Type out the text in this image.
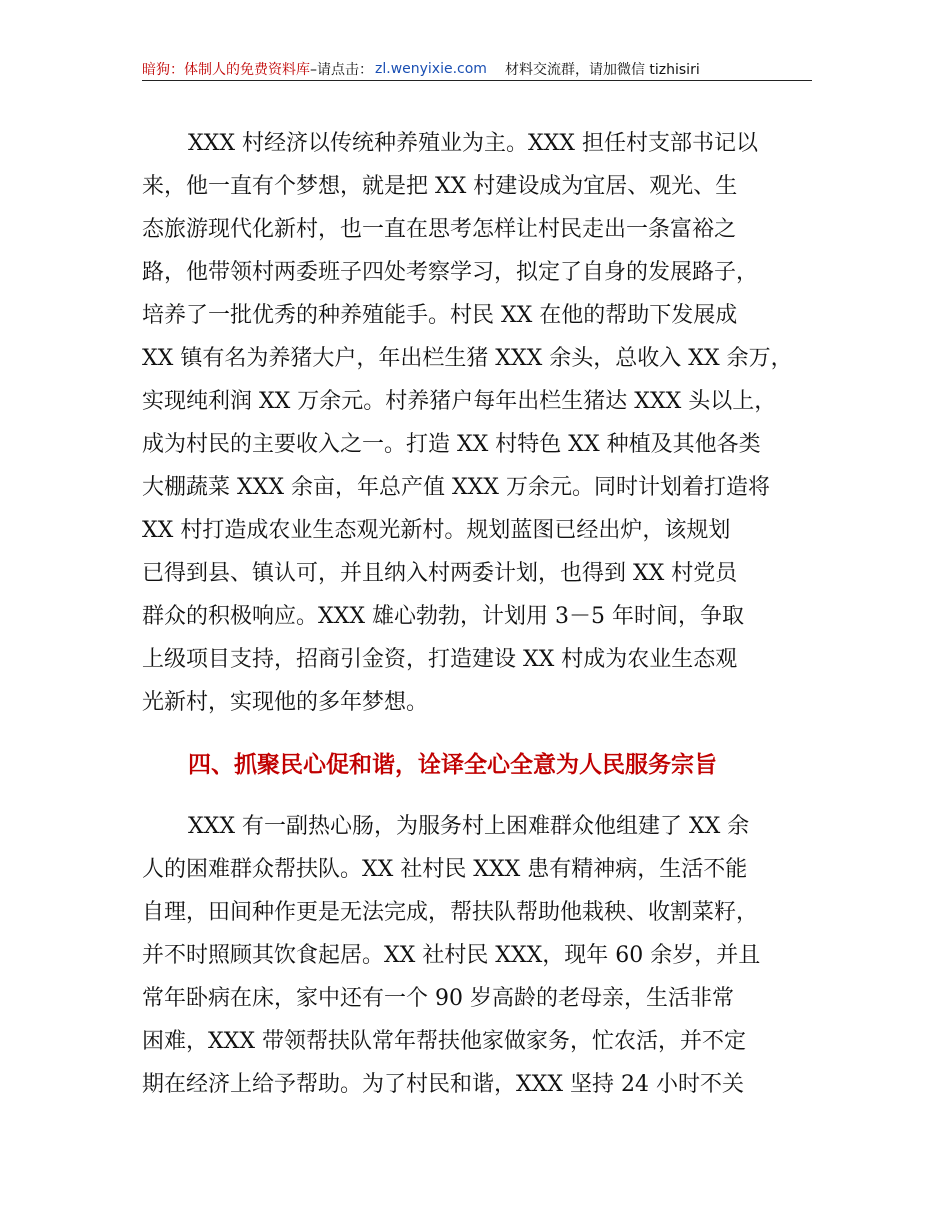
暗狗：体制人的免费资料库 –请点击： zl.wenyixie.com 材料交流群，请加微信 tizhisiri
XXX 村经济以传统种养殖业为主。XXX 担任村支部书记以
来，他一直有个梦想，就是把 XX 村建设成为宜居、观光、生
态旅游现代化新村，也一直在思考怎样让村民走出一条富裕之
路，他带领村两委班子四处考察学习，拟定了自身的发展路子，
培养了一批优秀的种养殖能手。村民 XX 在他的帮助下发展成
XX 镇有名为养猪大户，年出栏生猪 XXX 余头，总收入 XX 余万，
实现纯利润 XX 万余元。村养猪户每年出栏生猪达 XXX 头以上，
成为村民的主要收入之一。打造 XX 村特色 XX 种植及其他各类
大棚蔬菜 XXX 余亩，年总产值 XXX 万余元。同时计划着打造将
XX 村打造成农业生态观光新村。规划蓝图已经出炉，该规划
已得到县、镇认可，并且纳入村两委计划，也得到 XX 村党员
群众的积极响应。XXX 雄心勃勃，计划用 3－5 年时间，争取
上级项目支持，招商引金资，打造建设 XX 村成为农业生态观
光新村，实现他的多年梦想。
四、抓聚民心促和谐，诠译全心全意为人民服务宗旨
XXX 有一副热心肠，为服务村上困难群众他组建了 XX 余
人的困难群众帮扶队。XX 社村民 XXX 患有精神病，生活不能
自理，田间种作更是无法完成，帮扶队帮助他栽秧、收割菜籽，
并不时照顾其饮食起居。XX 社村民 XXX，现年 60 余岁，并且
常年卧病在床，家中还有一个 90 岁高龄的老母亲，生活非常
困难，XXX 带领帮扶队常年帮扶他家做家务，忙农活，并不定
期在经济上给予帮助。为了村民和谐，XXX 坚持 24 小时不关
